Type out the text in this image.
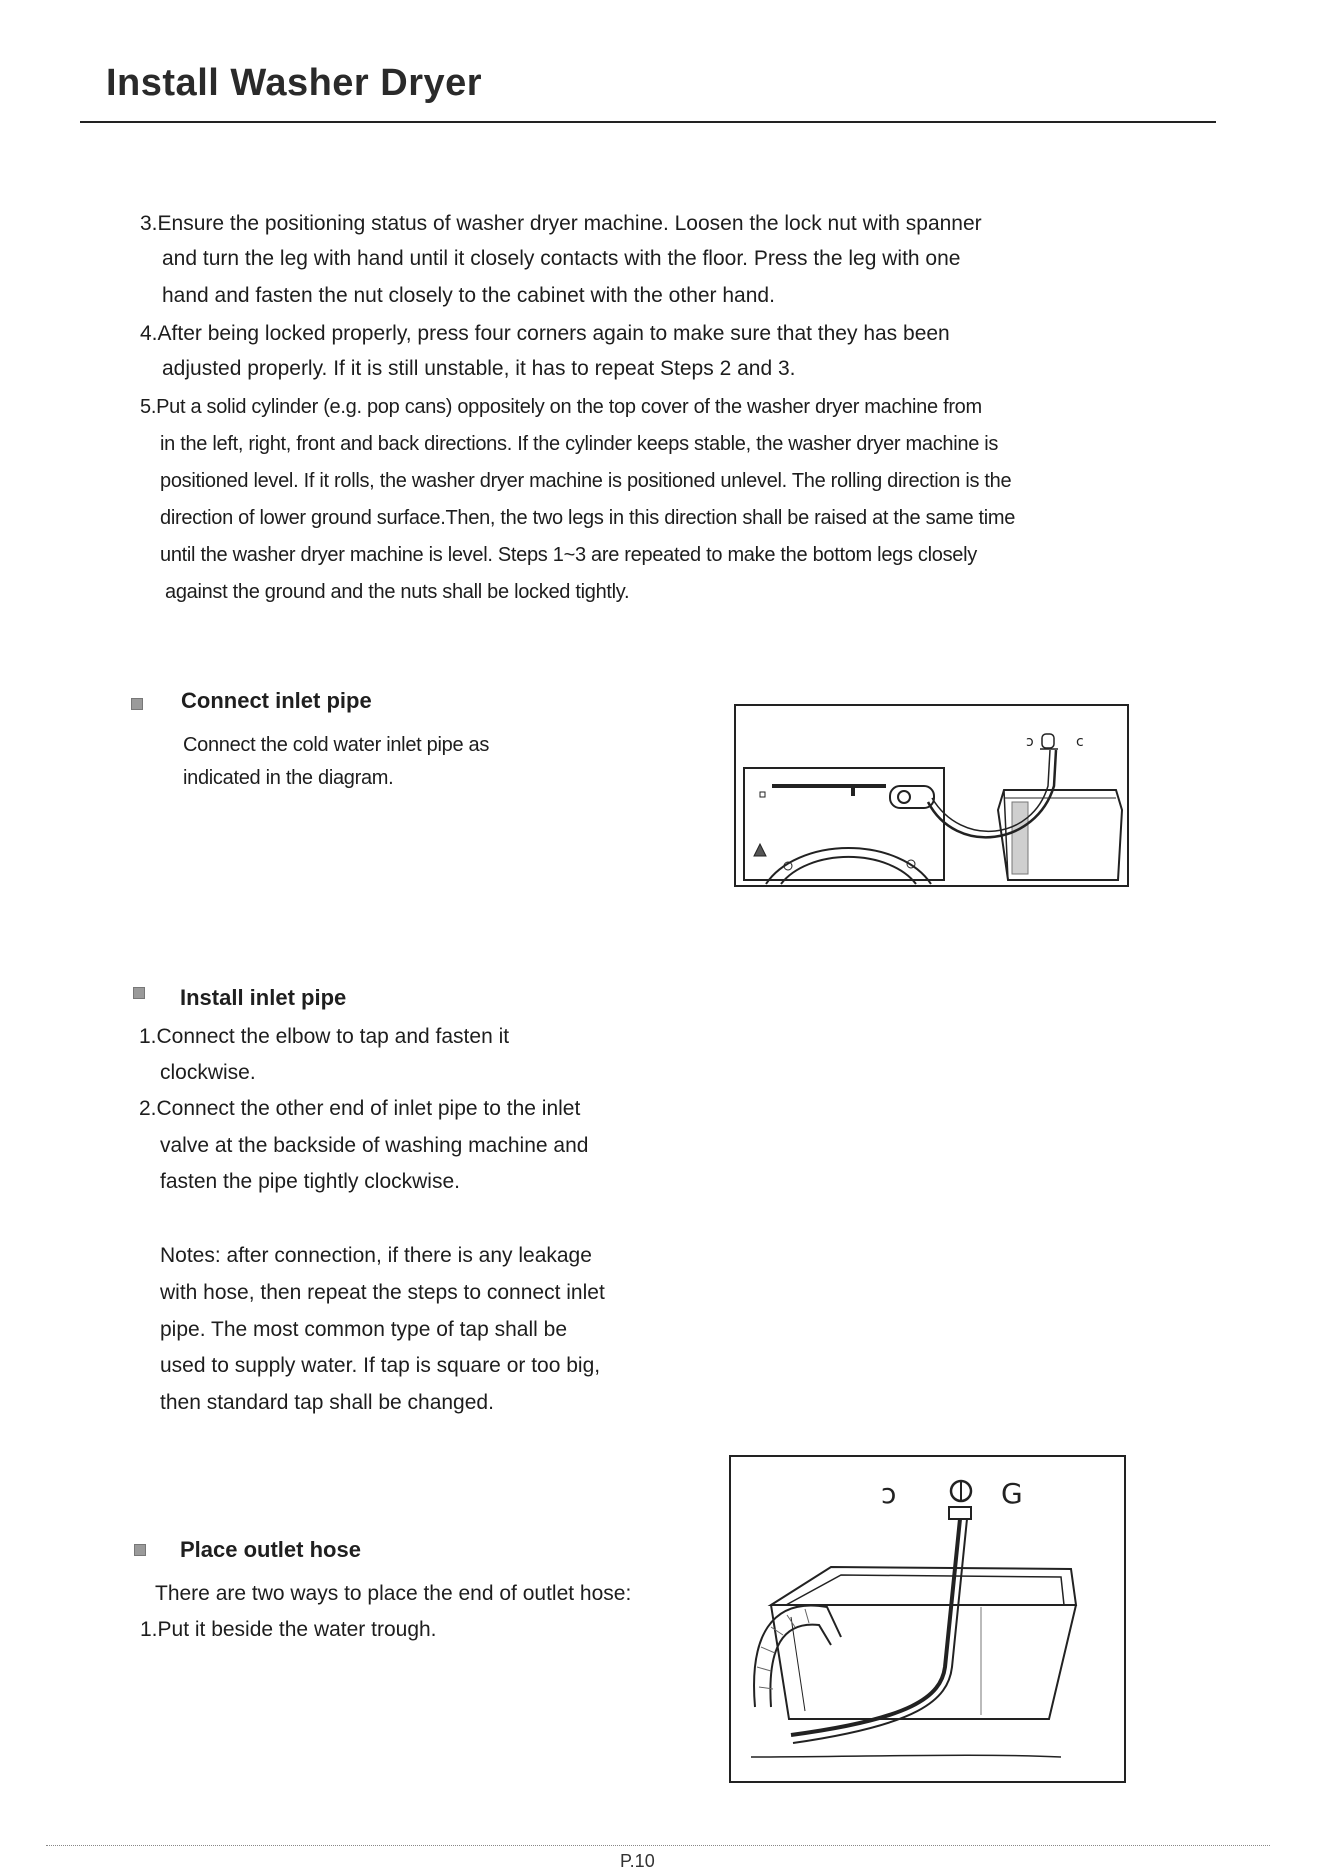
Install Washer Dryer
3.Ensure the positioning status of washer dryer machine. Loosen the lock nut with spanner
and turn the leg with hand until it closely contacts with the floor. Press the leg with one
hand and fasten the nut closely to the cabinet with the other hand.
4.After being locked properly, press four corners again to make sure that they has been
adjusted properly. If it is still unstable, it has to repeat Steps 2 and 3.
5.Put a solid cylinder (e.g. pop cans) oppositely on the top cover of the washer dryer machine from
in the left, right, front and back directions. If the cylinder keeps stable, the washer dryer machine is
positioned level. If it rolls, the washer dryer machine is positioned unlevel. The rolling direction is the
direction of lower ground surface.Then, the two legs in this direction shall be raised at the same time
until the washer dryer machine is level. Steps 1~3 are repeated to make the bottom legs closely
against the ground and the nuts shall be locked tightly.
Connect inlet pipe
Connect the cold water inlet pipe as
indicated in the diagram.
ɔ	c
Install inlet pipe
1.Connect the elbow to tap and fasten it
clockwise.
2.Connect the other end of inlet pipe to the inlet
valve at the backside of washing machine and
fasten the pipe tightly clockwise.
Notes: after connection, if there is any leakage
with hose, then repeat the steps to connect inlet
pipe. The most common type of tap shall be
used to supply water. If tap is square or too big,
then standard tap shall be changed.
Place outlet hose
There are two ways to place the end of outlet hose:
1.Put it beside the water trough.
ɔ	G
P.10
